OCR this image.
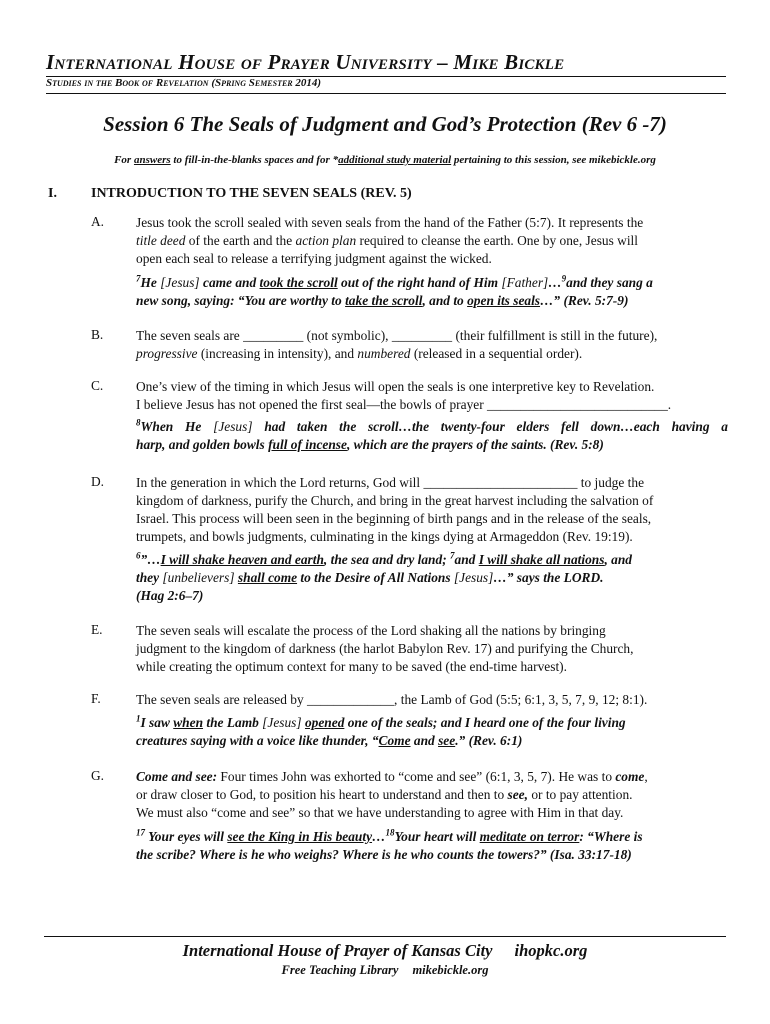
International House of Prayer University – Mike Bickle
Studies in the Book of Revelation (Spring Semester 2014)
Session 6 The Seals of Judgment and God’s Protection (Rev 6 -7)
For answers to fill-in-the-blanks spaces and for *additional study material pertaining to this session, see mikebickle.org
I. INTRODUCTION TO THE SEVEN SEALS (REV. 5)
A. Jesus took the scroll sealed with seven seals from the hand of the Father (5:7). It represents the
title deed of the earth and the action plan required to cleanse the earth. One by one, Jesus will
open each seal to release a terrifying judgment against the wicked.
$^7$He [Jesus] came and took the scroll out of the right hand of Him [Father]…$^9$and they sang a
new song, saying: “You are worthy to take the scroll, and to open its seals…” (Rev. 5:7-9)
B. The seven seals are _________ (not symbolic), _________ (their fulfillment is still in the future),
progressive (increasing in intensity), and numbered (released in a sequential order).
C. One’s view of the timing in which Jesus will open the seals is one interpretive key to Revelation.
I believe Jesus has not opened the first seal—the bowls of prayer ___________________________.
$^8$When He [Jesus] had taken the scroll…the twenty-four elders fell down…each having a
harp, and golden bowls full of incense, which are the prayers of the saints. (Rev. 5:8)
D. In the generation in which the Lord returns, God will _______________________ to judge the
kingdom of darkness, purify the Church, and bring in the great harvest including the salvation of
Israel. This process will been seen in the beginning of birth pangs and in the release of the seals,
trumpets, and bowls judgments, culminating in the kings dying at Armageddon (Rev. 19:19).
$^6$”…I will shake heaven and earth, the sea and dry land; $^7$and I will shake all nations, and
they [unbelievers] shall come to the Desire of All Nations [Jesus]…” says the LORD.
(Hag 2:6–7)
E. The seven seals will escalate the process of the Lord shaking all the nations by bringing
judgment to the kingdom of darkness (the harlot Babylon Rev. 17) and purifying the Church,
while creating the optimum context for many to be saved (the end-time harvest).
F.	The seven seals are released by _____________, the Lamb of God (5:5; 6:1, 3, 5, 7, 9, 12; 8:1).
$^1$I saw when the Lamb [Jesus] opened one of the seals; and I heard one of the four living
creatures saying with a voice like thunder, “Come and see.” (Rev. 6:1)
G. Come and see: Four times John was exhorted to “come and see” (6:1, 3, 5, 7). He was to come,
or draw closer to God, to position his heart to understand and then to see, or to pay attention.
We must also “come and see” so that we have understanding to agree with Him in that day.
$^{17}$ Your eyes will see the King in His beauty…$^{18}$Your heart will meditate on terror: “Where is
the scribe? Where is he who weighs? Where is he who counts the towers?” (Isa. 33:17-18)
International House of Prayer of Kansas City ihopkc.org
Free Teaching Library mikebickle.org
